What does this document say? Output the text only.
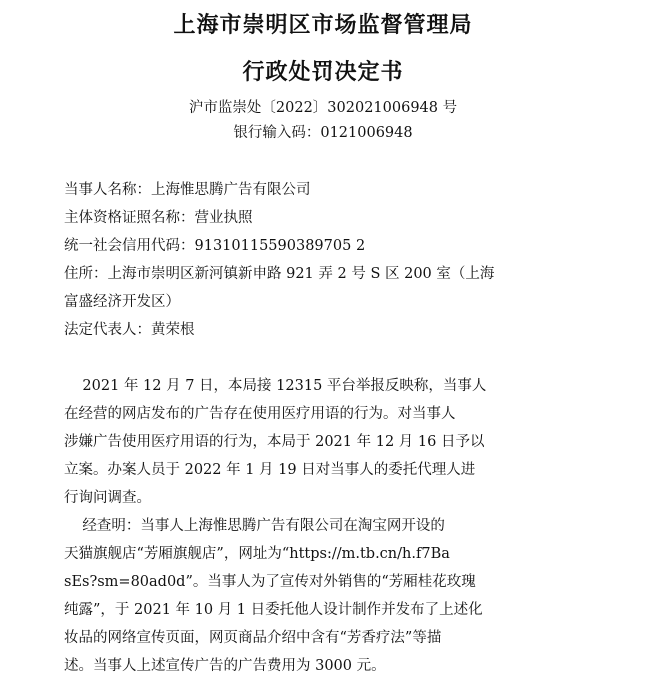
上海市崇明区市场监督管理局
行政处罚决定书
沪市监崇处〔2022〕302021006948 号
银行输入码：0121006948
当事人名称：上海惟思腾广告有限公司
主体资格证照名称：营业执照
统一社会信用代码：91310115590389705 2
住所：上海市崇明区新河镇新申路 921 弄 2 号 S 区 200 室（上海
富盛经济开发区）
法定代表人：黄荣根
2021 年 12 月 7 日，本局接 12315 平台举报反映称，当事人
在经营的网店发布的广告存在使用医疗用语的行为。对当事人
涉嫌广告使用医疗用语的行为，本局于 2021 年 12 月 16 日予以
立案。办案人员于 2022 年 1 月 19 日对当事人的委托代理人进
行询问调查。
经查明：当事人上海惟思腾广告有限公司在淘宝网开设的
天猫旗舰店“芳厢旗舰店”，网址为“https://m.tb.cn/h.f7Ba
sEs?sm=80ad0d”。当事人为了宣传对外销售的“芳厢桂花玫瑰
纯露”，于 2021 年 10 月 1 日委托他人设计制作并发布了上述化
妆品的网络宣传页面，网页商品介绍中含有“芳香疗法”等描
述。当事人上述宣传广告的广告费用为 3000 元。
